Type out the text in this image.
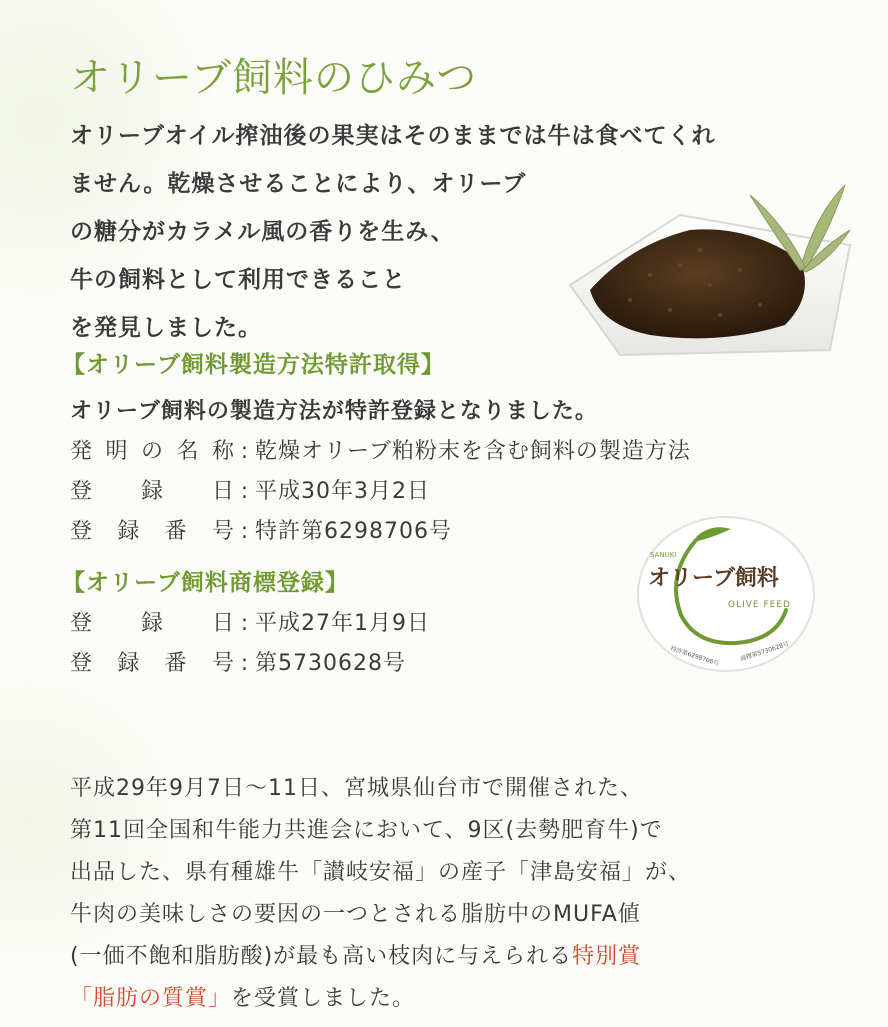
オリーブ飼料のひみつ
オリーブオイル搾油後の果実はそのままでは牛は食べてくれ
ません。乾燥させることにより、オリーブ
の糖分がカラメル風の香りを生み、
牛の飼料として利用できること
を発見しました。
【オリーブ飼料製造方法特許取得】
オリーブ飼料の製造方法が特許登録となりました。
発明の名称 : 乾燥オリーブ粕粉末を含む飼料の製造方法
登録日 : 平成30年3月2日
登録番号 : 特許第6298706号
【オリーブ飼料商標登録】
登録日 : 平成27年1月9日
登録番号 : 第5730628号
SANUKI
オリーブ飼料
OLIVE FEED
特許第6298706号	商標第5730628号
平成29年9月7日〜11日、宮城県仙台市で開催された、
第11回全国和牛能力共進会において、9区(去勢肥育牛)で
出品した、県有種雄牛「讃岐安福」の産子「津島安福」が、
牛肉の美味しさの要因の一つとされる脂肪中のMUFA値
(一価不飽和脂肪酸)が最も高い枝肉に与えられる特別賞
「脂肪の質賞」を受賞しました。
